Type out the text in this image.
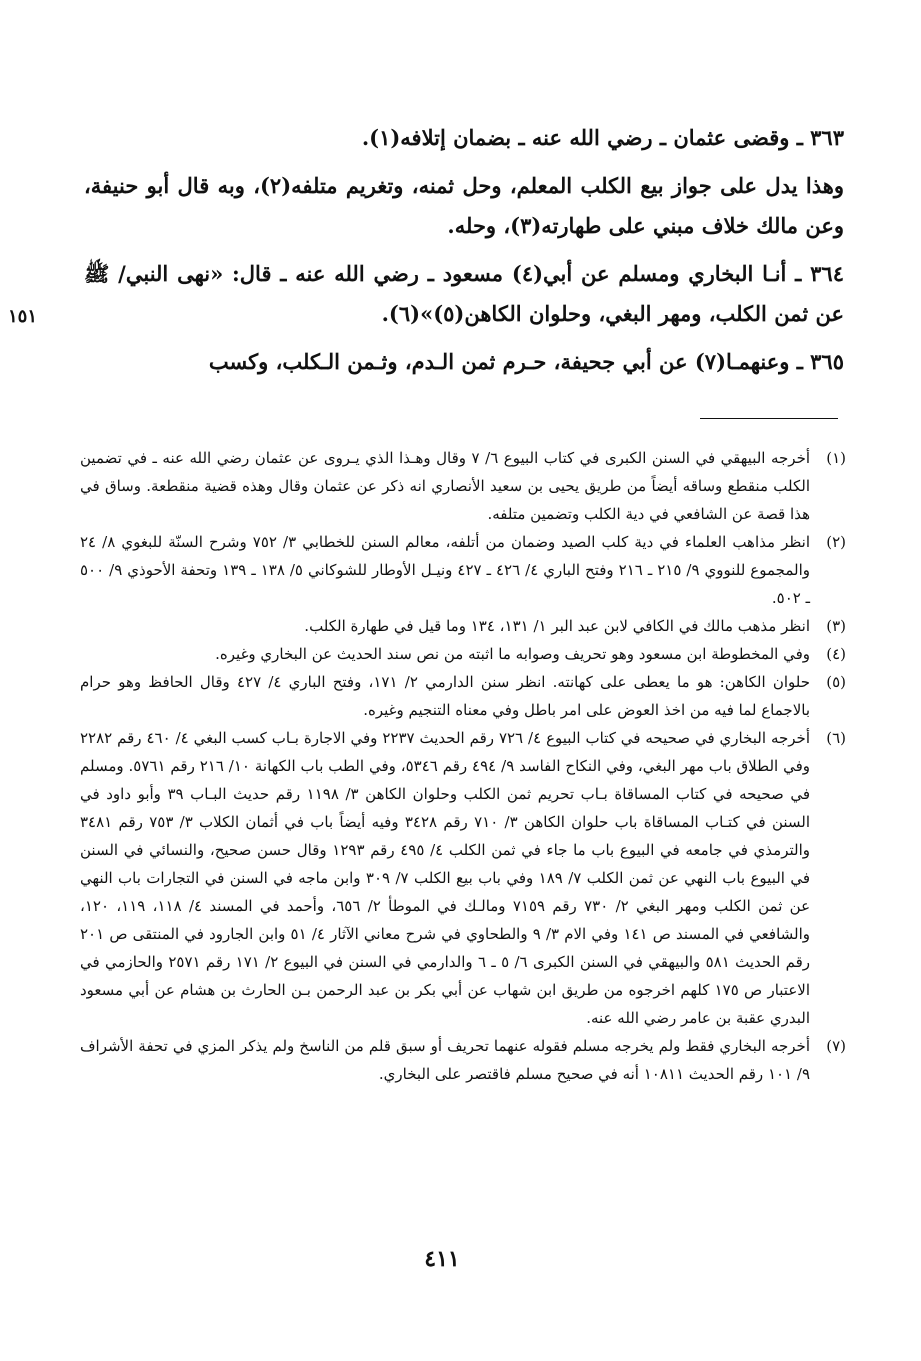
٣٦٣ ـ وقضى عثمان ـ رضي الله عنه ـ بضمان إتلافه(١).

وهذا يدل على جواز بيع الكلب المعلم، وحل ثمنه، وتغريم متلفه(٢)، وبه قال أبو حنيفة، وعن مالك خلاف مبني على طهارته(٣)، وحله.

٣٦٤ ـ أنـا البخاري ومسلم عن أبي(٤) مسعود ـ رضي الله عنه ـ قال: «نهى النبي/ ﷺ عن ثمن الكلب، ومهر البغي، وحلوان الكاهن(٥)»(٦).

٣٦٥ ـ وعنهمـا(٧) عن أبي جحيفة، حـرم ثمن الـدم، وثـمن الـكلب، وكسب

١٥١
(١)
أخرجه البيهقي في السنن الكبرى في كتاب البيوع ٦/ ٧ وقال وهـذا الذي يـروى عن عثمان رضي الله عنه ـ في تضمين الكلب منقطع وساقه أيضاً من طريق يحيى بن سعيد الأنصاري انه ذكر عن عثمان وقال وهذه قضية منقطعة. وساق في هذا قصة عن الشافعي في دية الكلب وتضمين متلفه.
(٢)
انظر مذاهب العلماء في دية كلب الصيد وضمان من أتلفه، معالم السنن للخطابي ٣/ ٧٥٢ وشرح السنّة للبغوي ٨/ ٢٤ والمجموع للنووي ٩/ ٢١٥ ـ ٢١٦ وفتح الباري ٤/ ٤٢٦ ـ ٤٢٧ ونيـل الأوطار للشوكاني ٥/ ١٣٨ ـ ١٣٩ وتحفة الأحوذي ٩/ ٥٠٠ ـ ٥٠٢.
(٣)
انظر مذهب مالك في الكافي لابن عبد البر ١/ ١٣١، ١٣٤ وما قيل في طهارة الكلب.
(٤)
وفي المخطوطة ابن مسعود وهو تحريف وصوابه ما اثبته من نص سند الحديث عن البخاري وغيره.
(٥)
حلوان الكاهن: هو ما يعطى على كهانته. انظر سنن الدارمي ٢/ ١٧١، وفتح الباري ٤/ ٤٢٧ وقال الحافظ وهو حرام بالاجماع لما فيه من اخذ العوض على امر باطل وفي معناه التنجيم وغيره.
(٦)
أخرجه البخاري في صحيحه في كتاب البيوع ٤/ ٧٢٦ رقم الحديث ٢٢٣٧ وفي الاجارة بـاب كسب البغي ٤/ ٤٦٠ رقم ٢٢٨٢ وفي الطلاق باب مهر البغي، وفي النكاح الفاسد ٩/ ٤٩٤ رقم ٥٣٤٦، وفي الطب باب الكهانة ١٠/ ٢١٦ رقم ٥٧٦١. ومسلم في صحيحه في كتاب المساقاة بـاب تحريم ثمن الكلب وحلوان الكاهن ٣/ ١١٩٨ رقم حديث البـاب ٣٩ وأبو داود في السنن في كتـاب المساقاة باب حلوان الكاهن ٣/ ٧١٠ رقم ٣٤٢٨ وفيه أيضاً باب في أثمان الكلاب ٣/ ٧٥٣ رقم ٣٤٨١ والترمذي في جامعه في البيوع باب ما جاء في ثمن الكلب ٤/ ٤٩٥ رقم ١٢٩٣ وقال حسن صحيح، والنسائي في السنن في البيوع باب النهي عن ثمن الكلب ٧/ ١٨٩ وفي باب بيع الكلب ٧/ ٣٠٩ وابن ماجه في السنن في التجارات باب النهي عن ثمن الكلب ومهر البغي ٢/ ٧٣٠ رقم ٧١٥٩ ومالـك في الموطأ ٢/ ٦٥٦، وأحمد في المسند ٤/ ١١٨، ١١٩، ١٢٠، والشافعي في المسند ص ١٤١ وفي الام ٣/ ٩ والطحاوي في شرح معاني الآثار ٤/ ٥١ وابن الجارود في المنتقى ص ٢٠١ رقم الحديث ٥٨١ والبيهقي في السنن الكبرى ٦/ ٥ ـ ٦ والدارمي في السنن في البيوع ٢/ ١٧١ رقم ٢٥٧١ والحازمي في الاعتبار ص ١٧٥ كلهم اخرجوه من طريق ابن شهاب عن أبي بكر بن عبد الرحمن بـن الحارث بن هشام عن أبي مسعود البدري عقبة بن عامر رضي الله عنه.
(٧)
أخرجه البخاري فقط ولم يخرجه مسلم فقوله عنهما تحريف أو سبق قلم من الناسخ ولم يذكر المزي في تحفة الأشراف ٩/ ١٠١ رقم الحديث ١٠٨١١ أنه في صحيح مسلم فاقتصر على البخاري.
٤١١
